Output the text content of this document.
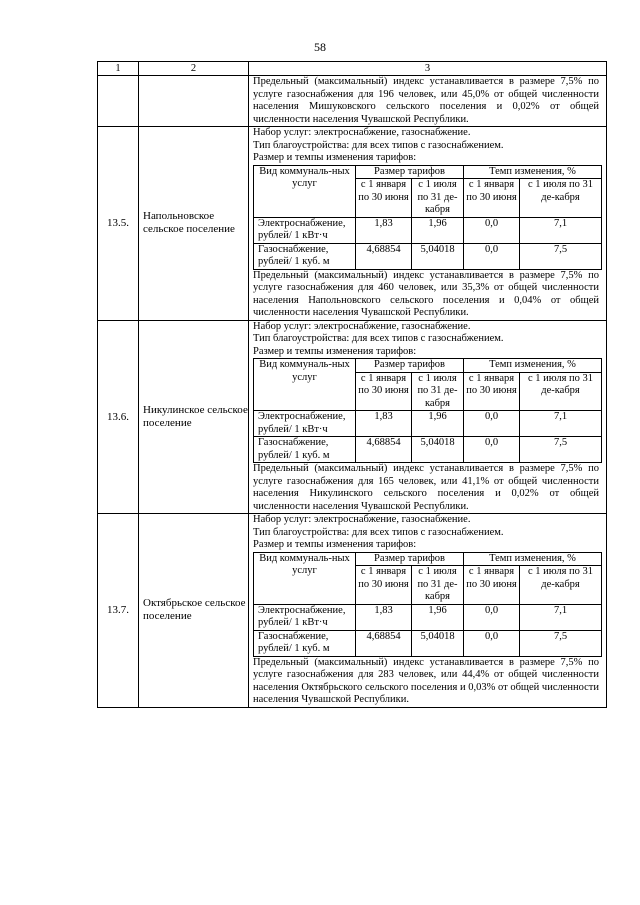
58
1	2	3

Предельный (максимальный) индекс устанавливается в размере 7,5% по услуге газоснабжения для 196 человек, или 45,0% от общей численности населения Мишуковского сельского поселения и 0,02% от общей численности населения Чувашской Республики.

13.5.	Напольновское сельское поселение	
Набор услуг: электроснабжение, газоснабжение.
Тип благоустройства: для всех типов с газоснабжением.
Размер и темпы изменения тарифов:
Вид коммуналь-ных услуг	Размер тарифов	Темп изменения, %
с 1 января по 30 июня	с 1 июля по 31 де-кабря	с 1 января по 30 июня	с 1 июля по 31 де-кабря
Электроснабжение, рублей/ 1 кВт·ч	1,83	1,96	0,0	7,1
Газоснабжение, рублей/ 1 куб. м	4,68854	5,04018	0,0	7,5
Предельный (максимальный) индекс устанавливается в размере 7,5% по услуге газоснабжения для 460 человек, или 35,3% от общей численности населения Напольновского сельского поселения и 0,04% от общей численности населения Чувашской Республики.

13.6.	Никулинское сельское поселение	
Набор услуг: электроснабжение, газоснабжение.
Тип благоустройства: для всех типов с газоснабжением.
Размер и темпы изменения тарифов:
Вид коммуналь-ных услуг	Размер тарифов	Темп изменения, %
с 1 января по 30 июня	с 1 июля по 31 де-кабря	с 1 января по 30 июня	с 1 июля по 31 де-кабря
Электроснабжение, рублей/ 1 кВт·ч	1,83	1,96	0,0	7,1
Газоснабжение, рублей/ 1 куб. м	4,68854	5,04018	0,0	7,5
Предельный (максимальный) индекс устанавливается в размере 7,5% по услуге газоснабжения для 165 человек, или 41,1% от общей численности населения Никулинского сельского поселения и 0,02% от общей численности населения Чувашской Республики.

13.7.	Октябрьское сельское поселение	
Набор услуг: электроснабжение, газоснабжение.
Тип благоустройства: для всех типов с газоснабжением.
Размер и темпы изменения тарифов:
Вид коммуналь-ных услуг	Размер тарифов	Темп изменения, %
с 1 января по 30 июня	с 1 июля по 31 де-кабря	с 1 января по 30 июня	с 1 июля по 31 де-кабря
Электроснабжение, рублей/ 1 кВт·ч	1,83	1,96	0,0	7,1
Газоснабжение, рублей/ 1 куб. м	4,68854	5,04018	0,0	7,5
Предельный (максимальный) индекс устанавливается в размере 7,5% по услуге газоснабжения для 283 человек, или 44,4% от общей численности населения Октябрьского сельского поселения и 0,03% от общей численности населения Чувашской Республики.
